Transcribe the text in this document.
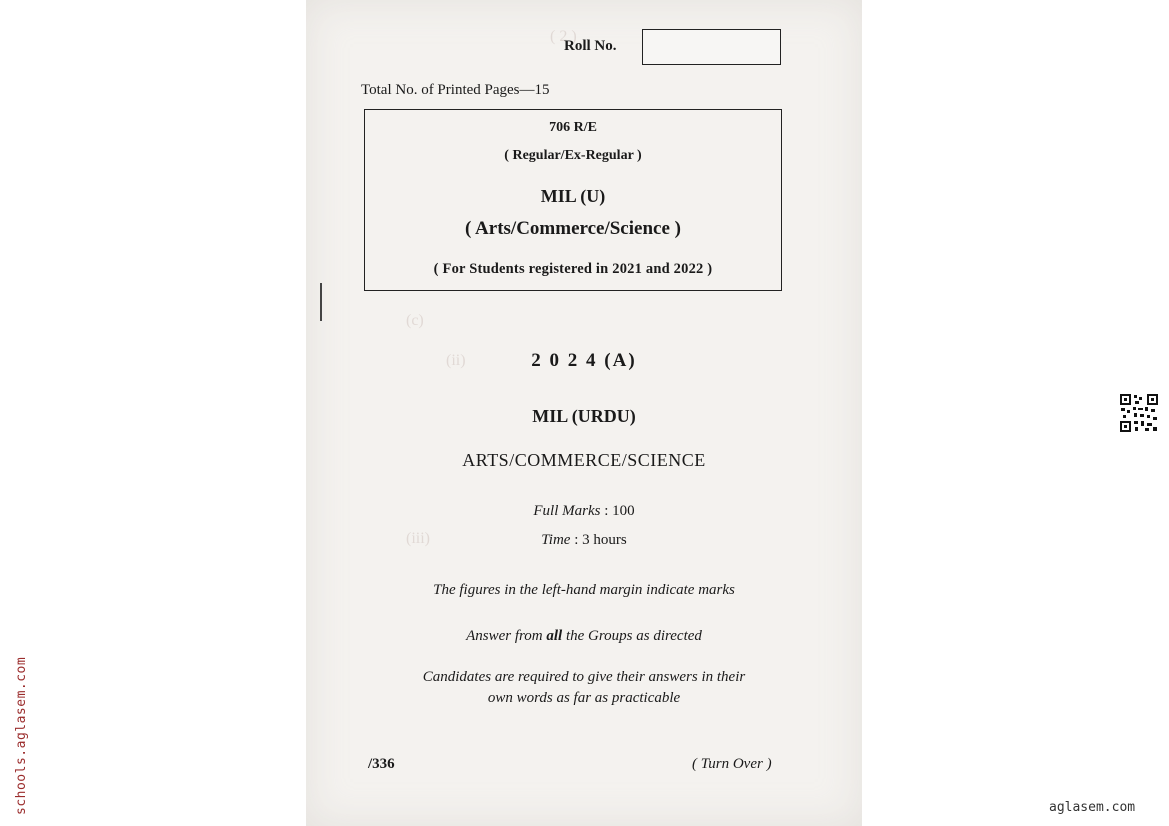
( 2 )
(c)
(ii)
(iii)
Roll No.
Total No. of Printed Pages—15
706 R/E
( Regular/Ex-Regular )
MIL (U)
( Arts/Commerce/Science )
( For Students registered in 2021 and 2022 )
2 0 2 4 (A)
MIL (URDU)
ARTS/COMMERCE/SCIENCE
Full Marks : 100
Time : 3 hours
The figures in the left-hand margin indicate marks
Answer from all the Groups as directed
Candidates are required to give their answers in their
own words as far as practicable
/336	( Turn Over )
schools.aglasem.com	aglasem.com
